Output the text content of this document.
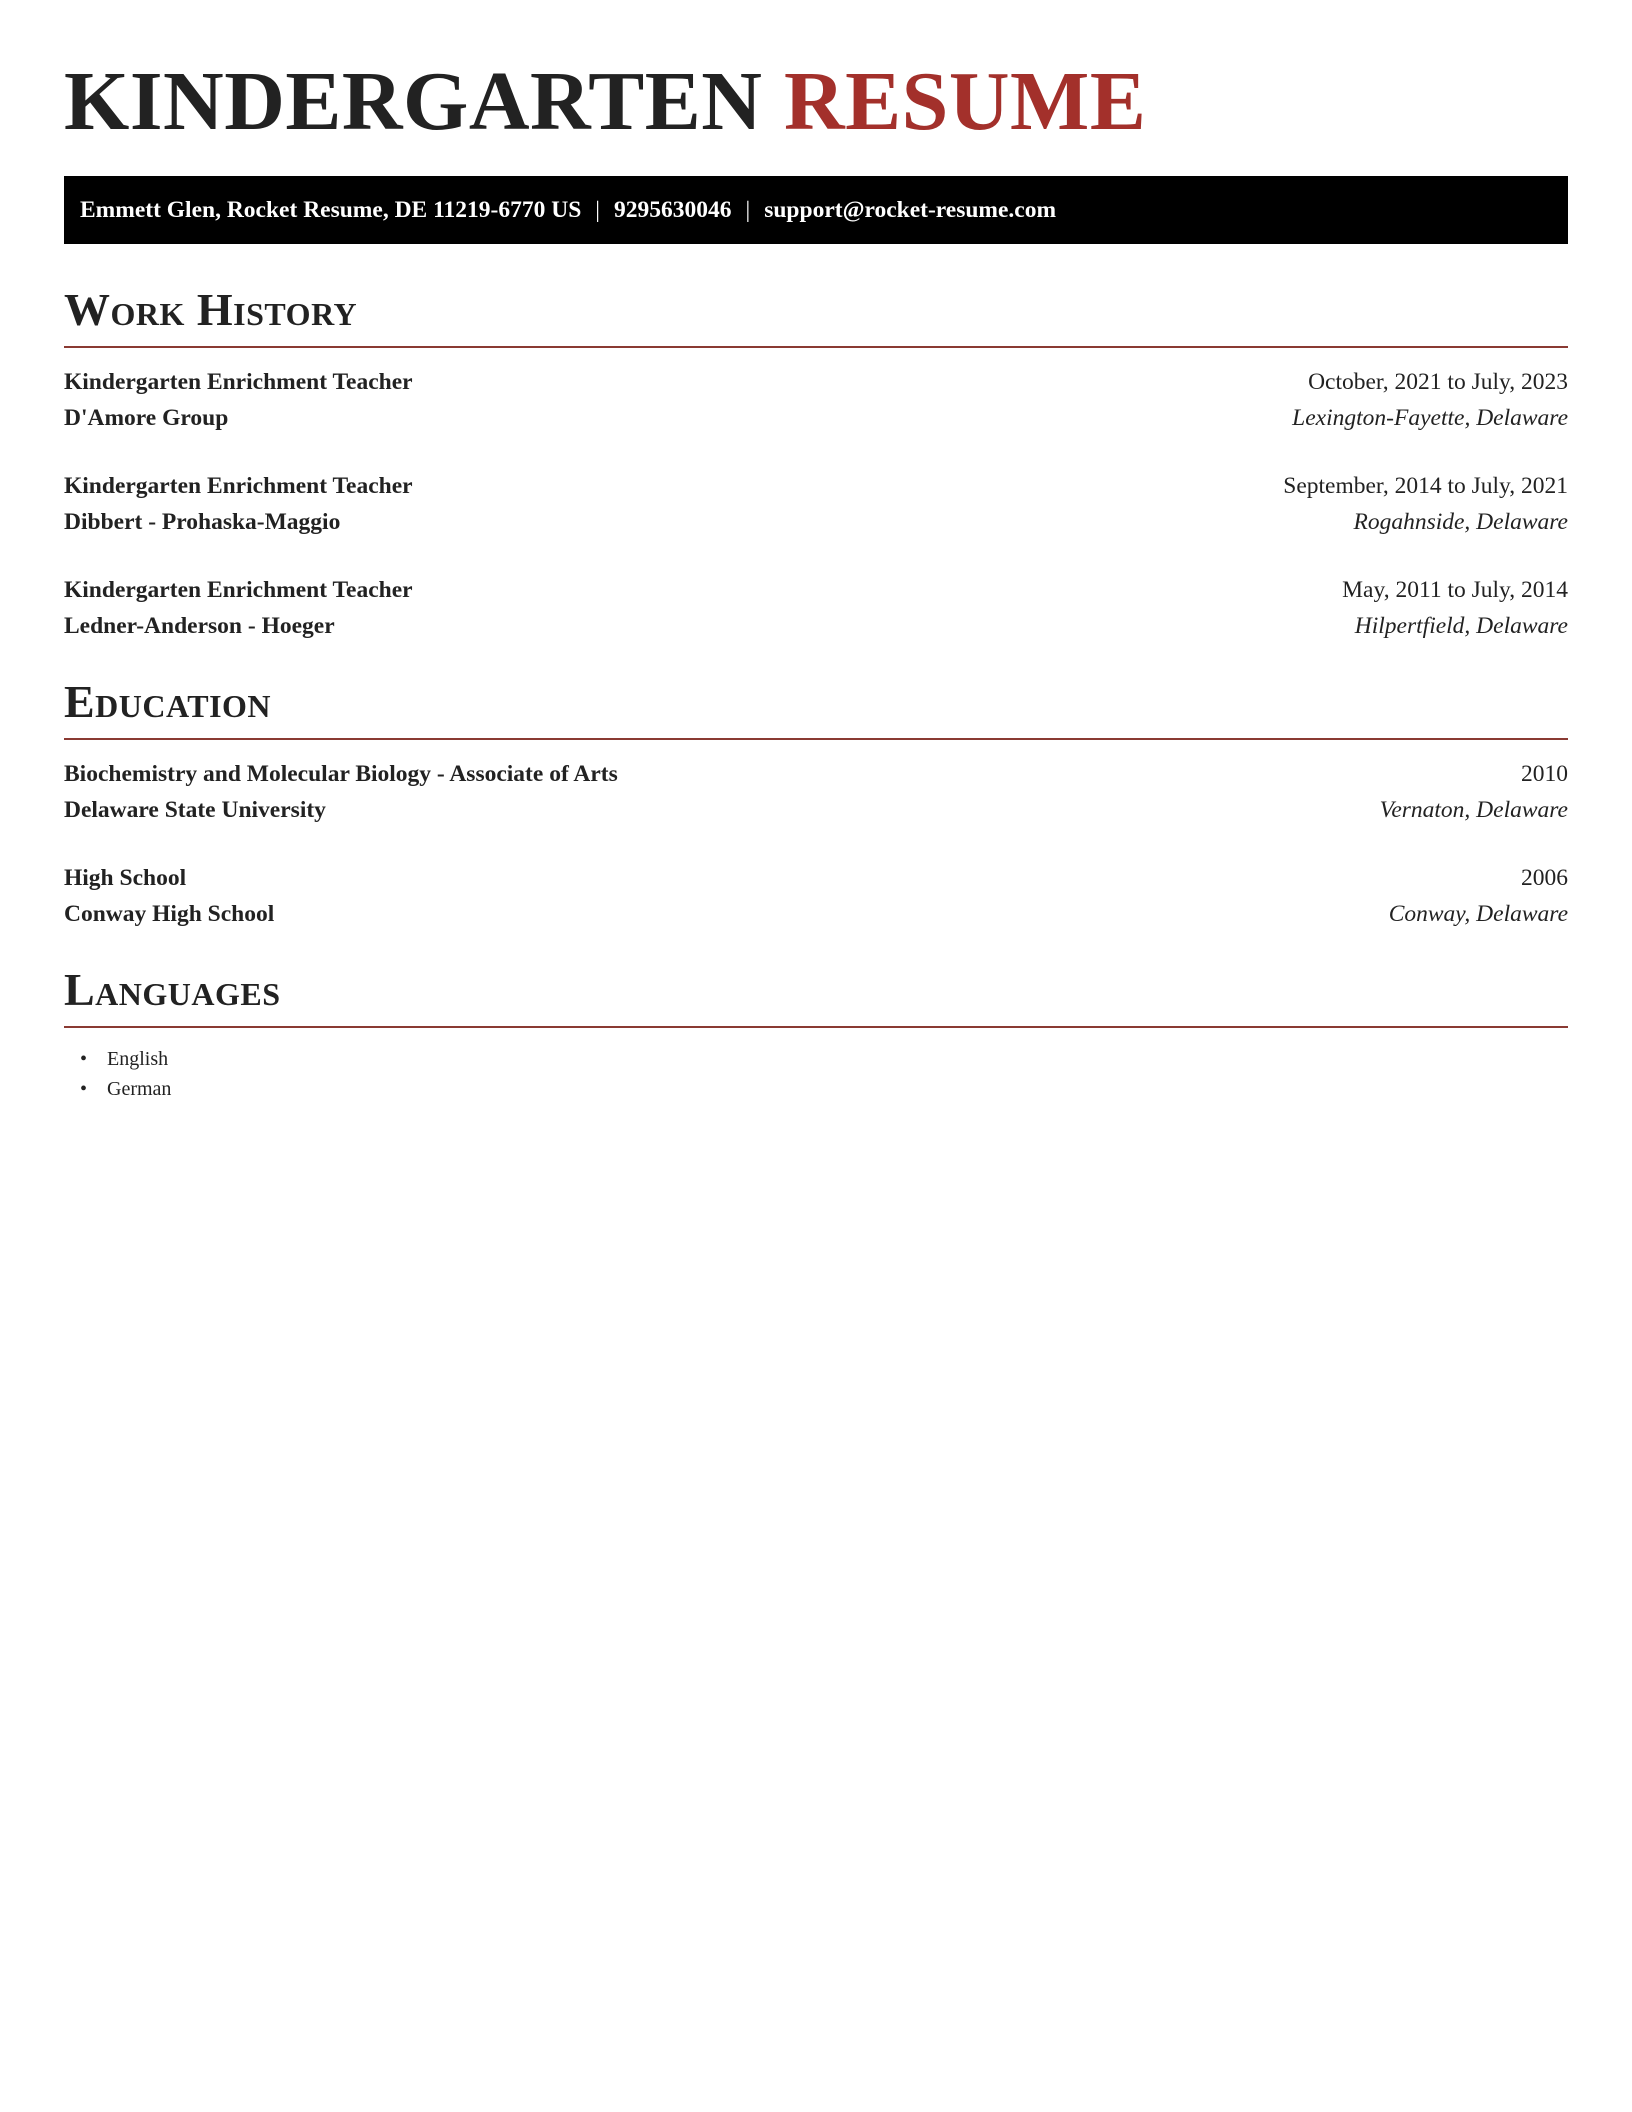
KINDERGARTEN RESUME
Emmett Glen, Rocket Resume, DE 11219-6770 US | 9295630046 | support@rocket-resume.com
Work History
Kindergarten Enrichment Teacher	October, 2021 to July, 2023
D'Amore Group	Lexington-Fayette, Delaware
Kindergarten Enrichment Teacher	September, 2014 to July, 2021
Dibbert - Prohaska-Maggio	Rogahnside, Delaware
Kindergarten Enrichment Teacher	May, 2011 to July, 2014
Ledner-Anderson - Hoeger	Hilpertfield, Delaware
Education
Biochemistry and Molecular Biology - Associate of Arts	2010
Delaware State University	Vernaton, Delaware
High School	2006
Conway High School	Conway, Delaware
Languages
• English
• German
